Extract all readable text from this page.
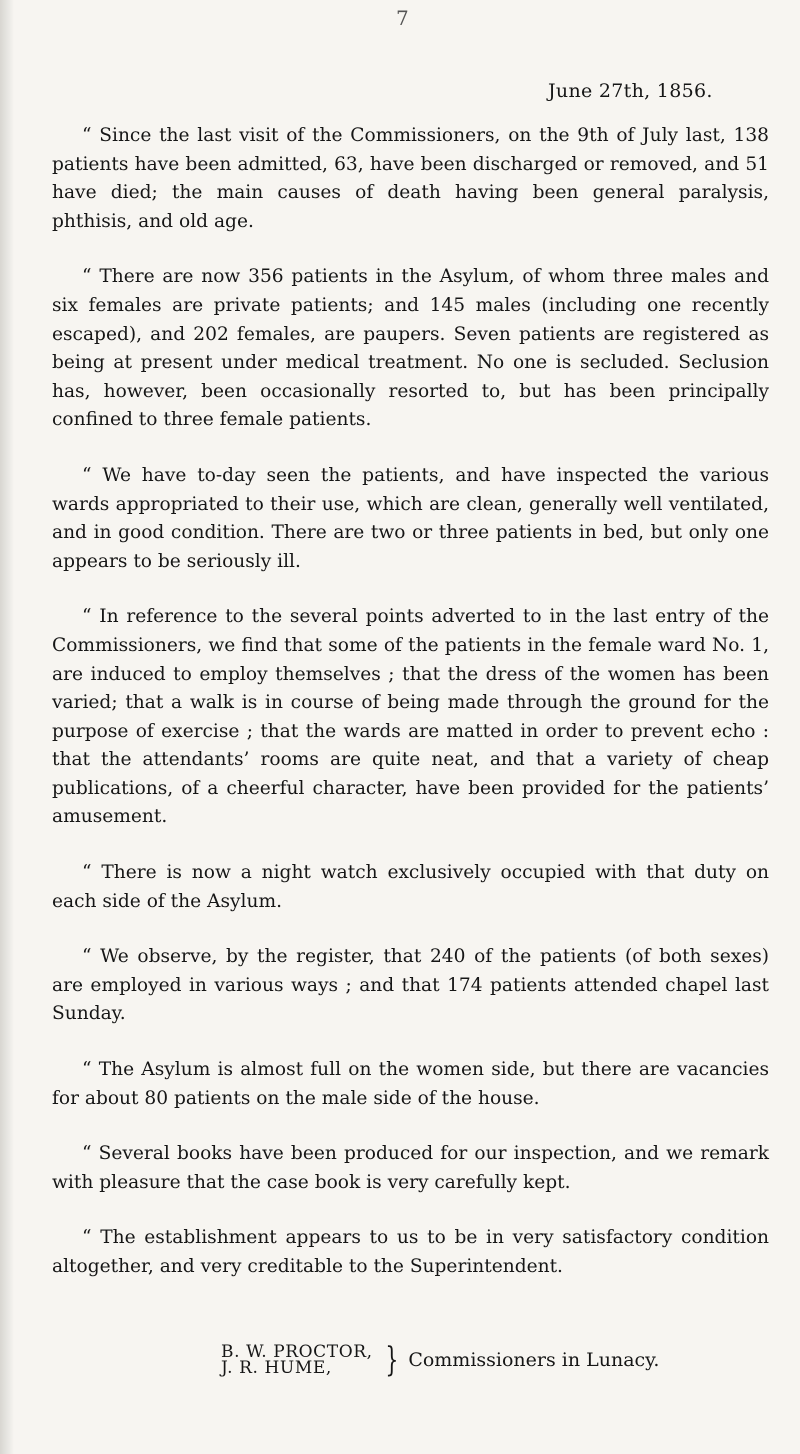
7
June 27th, 1856.

“ Since the last visit of the Commissioners, on the 9th of July last, 138 patients have been admitted, 63, have been discharged or removed, and 51 have died; the main causes of death having been general paralysis, phthisis, and old age.

“ There are now 356 patients in the Asylum, of whom three males and six females are private patients; and 145 males (including one recently escaped), and 202 females, are paupers. Seven patients are registered as being at present under medical treatment. No one is secluded. Seclusion has, however, been occasionally resorted to, but has been principally confined to three female patients.

“ We have to-day seen the patients, and have inspected the various wards appropriated to their use, which are clean, generally well ventilated, and in good condition. There are two or three patients in bed, but only one appears to be seriously ill.

“ In reference to the several points adverted to in the last entry of the Commissioners, we find that some of the patients in the female ward No. 1, are induced to employ themselves ; that the dress of the women has been varied; that a walk is in course of being made through the ground for the purpose of exercise ; that the wards are matted in order to prevent echo : that the attendants’ rooms are quite neat, and that a variety of cheap publications, of a cheerful character, have been provided for the patients’ amusement.

“ There is now a night watch exclusively occupied with that duty on each side of the Asylum.

“ We observe, by the register, that 240 of the patients (of both sexes) are employed in various ways ; and that 174 patients attended chapel last Sunday.

“ The Asylum is almost full on the women side, but there are vacancies for about 80 patients on the male side of the house.

“ Several books have been produced for our inspection, and we remark with pleasure that the case book is very carefully kept.

“ The establishment appears to us to be in very satisfactory condition altogether, and very creditable to the Superintendent.

B. W. PROCTOR,
J. R. HUME,	} Commissioners in Lunacy.
